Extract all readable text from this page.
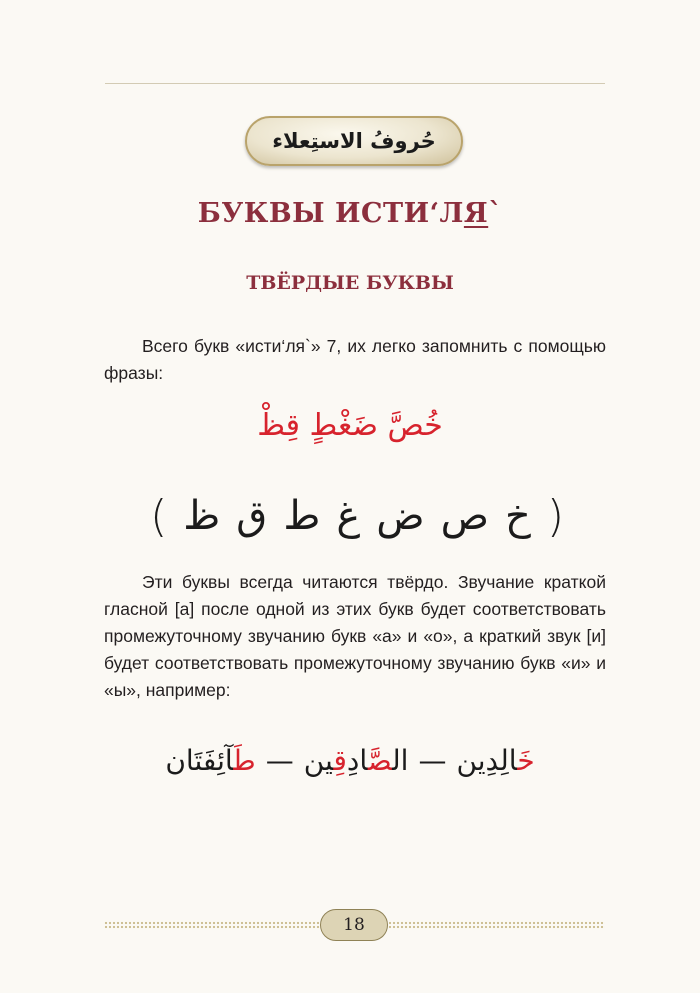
حُروفُ الاستِعلاء
БУКВЫ ИСТИ‘ЛЯ`
ТВЁРДЫЕ БУКВЫ

Всего букв «исти‘ля`» 7, их легко запомнить с помощью фразы:

خُصَّ ضَغْطٍ قِظْ
(
خ
ص
ض
غ
ط
ق
ظ
)

Эти буквы всегда читаются твёрдо. Звучание краткой гласной [а] после одной из этих букв будет соответствовать промежуточному звучанию букв «а» и «о», а краткий звук [и] будет соответствовать промежуточному звучанию букв «и» и «ы», например:

خَالِدِين—الصَّادِقِين—طَآئِفَتَان
18
